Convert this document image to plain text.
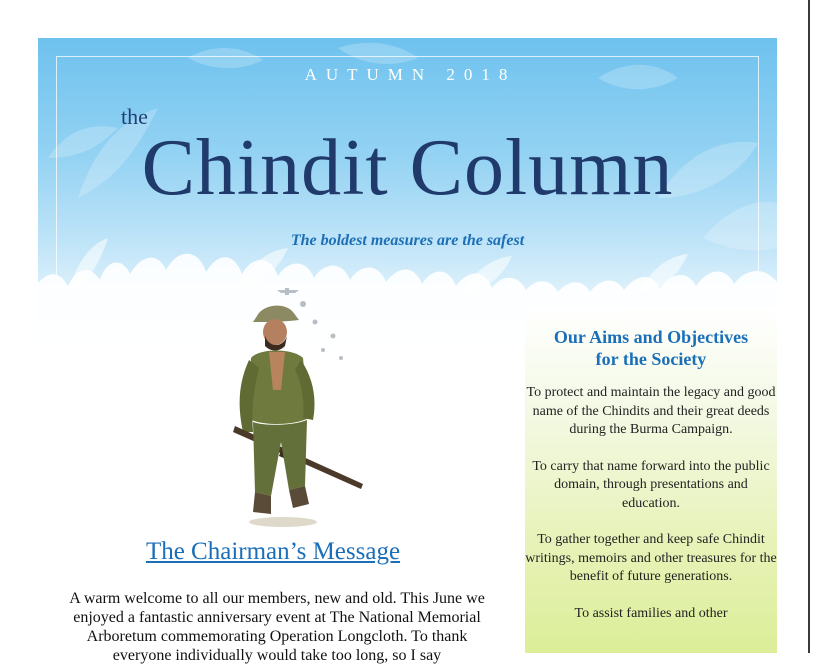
AUTUMN 2018
the
Chindit Column
The boldest measures are the safest
Our Aims and Objectives
for the Society

To protect and maintain the legacy and good name of the Chindits and their great deeds during the Burma Campaign.

To carry that name forward into the public domain, through presentations and education.

To gather together and keep safe Chindit writings, memoirs and other treasures for the benefit of future generations.

To assist families and other

The Chairman’s Message
A warm welcome to all our members, new and old. This June we enjoyed a fantastic anniversary event at The National Memorial Arboretum commemorating Operation Longcloth. To thank everyone individually would take too long, so I say
